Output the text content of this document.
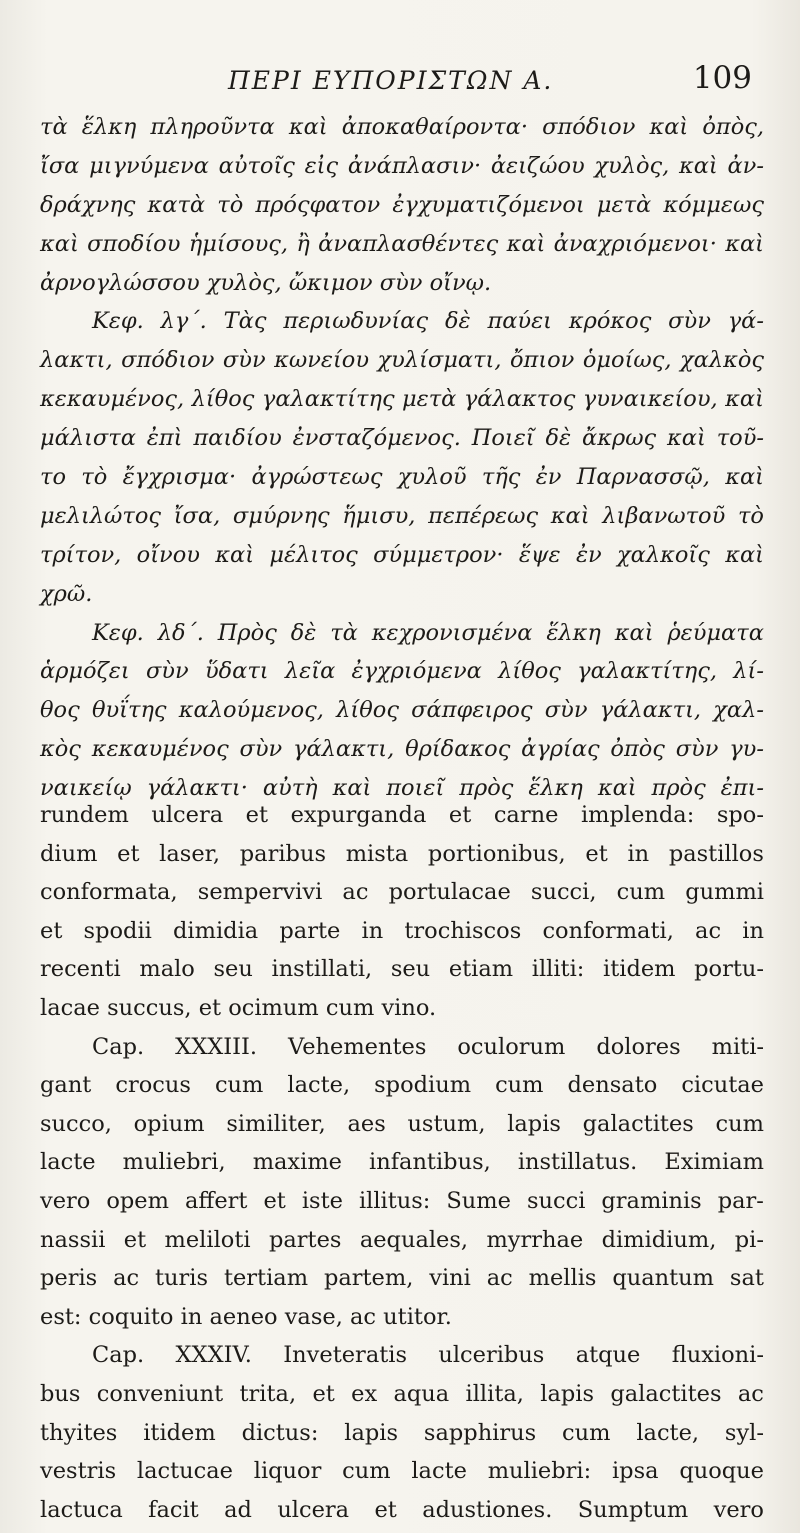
ΠΕΡΙ ΕΥΠΟΡΙΣΤΩΝ Α.	109
τὰ ἕλκη πληροῦντα καὶ ἀποκαθαίροντα· σπόδιον καὶ ὀπὸς,
ἴσα μιγνύμενα αὐτοῖς εἰς ἀνάπλασιν· ἀειζώου χυλὸς, καὶ ἀν-
δράχνης κατὰ τὸ πρόςφατον ἐγχυματιζόμενοι μετὰ κόμμεως
καὶ σποδίου ἡμίσους, ἢ ἀναπλασθέντες καὶ ἀναχριόμενοι· καὶ
ἀρνογλώσσου χυλὸς, ὤκιμον σὺν οἴνῳ.
Κεφ. λγ΄. Τὰς περιωδυνίας δὲ παύει κρόκος σὺν γά-
λακτι, σπόδιον σὺν κωνείου χυλίσματι, ὄπιον ὁμοίως, χαλκὸς
κεκαυμένος, λίθος γαλακτίτης μετὰ γάλακτος γυναικείου, καὶ
μάλιστα ἐπὶ παιδίου ἐνσταζόμενος. Ποιεῖ δὲ ἄκρως καὶ τοῦ-
το τὸ ἔγχρισμα· ἀγρώστεως χυλοῦ τῆς ἐν Παρνασσῷ, καὶ
μελιλώτος ἴσα, σμύρνης ἥμισυ, πεπέρεως καὶ λιβανωτοῦ τὸ
τρίτον, οἴνου καὶ μέλιτος σύμμετρον· ἕψε ἐν χαλκοῖς καὶ
χρῶ.
Κεφ. λδ΄. Πρὸς δὲ τὰ κεχρονισμένα ἕλκη καὶ ῥεύματα
ἁρμόζει σὺν ὕδατι λεῖα ἐγχριόμενα λίθος γαλακτίτης, λί-
θος θυΐτης καλούμενος, λίθος σάπφειρος σὺν γάλακτι, χαλ-
κὸς κεκαυμένος σὺν γάλακτι, θρίδακος ἀγρίας ὀπὸς σὺν γυ-
ναικείῳ γάλακτι· αὐτὴ καὶ ποιεῖ πρὸς ἕλκη καὶ πρὸς ἐπι-
rundem ulcera et expurganda et carne implenda: spo-
dium et laser, paribus mista portionibus, et in pastillos
conformata, sempervivi ac portulacae succi, cum gummi
et spodii dimidia parte in trochiscos conformati, ac in
recenti malo seu instillati, seu etiam illiti: itidem portu-
lacae succus, et ocimum cum vino.
Cap. XXXIII. Vehementes oculorum dolores miti-
gant crocus cum lacte, spodium cum densato cicutae
succo, opium similiter, aes ustum, lapis galactites cum
lacte muliebri, maxime infantibus, instillatus. Eximiam
vero opem affert et iste illitus: Sume succi graminis par-
nassii et meliloti partes aequales, myrrhae dimidium, pi-
peris ac turis tertiam partem, vini ac mellis quantum sat
est: coquito in aeneo vase, ac utitor.
Cap. XXXIV. Inveteratis ulceribus atque fluxioni-
bus conveniunt trita, et ex aqua illita, lapis galactites ac
thyites itidem dictus: lapis sapphirus cum lacte, syl-
vestris lactucae liquor cum lacte muliebri: ipsa quoque
lactuca facit ad ulcera et adustiones. Sumptum vero
